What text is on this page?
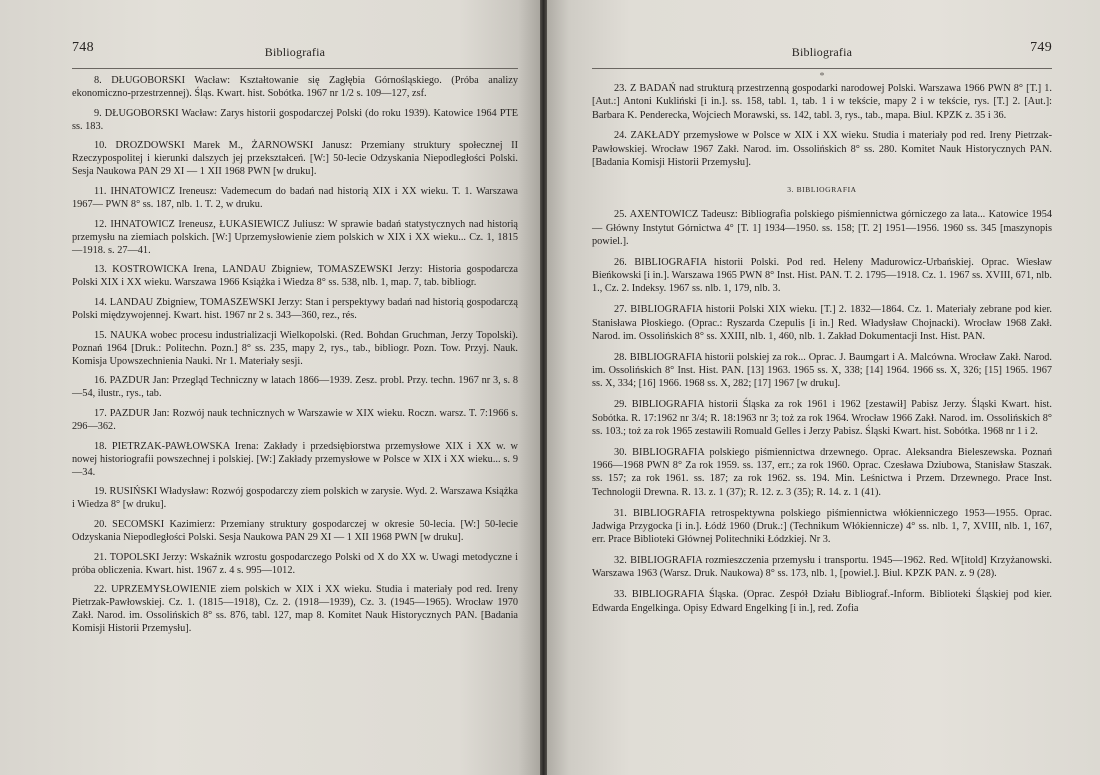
748	Bibliografia

8. DŁUGOBORSKI Wacław: Kształtowanie się Zagłębia Górnośląskiego. (Próba analizy ekonomiczno-przestrzennej). Śląs. Kwart. hist. Sobótka. 1967 nr 1/2 s. 109—127, zsf.

9. DŁUGOBORSKI Wacław: Zarys historii gospodarczej Polski (do roku 1939). Katowice 1964 PTE ss. 183.

10. DROZDOWSKI Marek M., ŻARNOWSKI Janusz: Przemiany struktury społecznej II Rzeczypospolitej i kierunki dalszych jej przekształceń. [W:] 50-lecie Odzyskania Niepodległości Polski. Sesja Naukowa PAN 29 XI — 1 XII 1968 PWN [w druku].

11. IHNATOWICZ Ireneusz: Vademecum do badań nad historią XIX i XX wieku. T. 1. Warszawa 1967— PWN 8° ss. 187, nlb. 1. T. 2, w druku.

12. IHNATOWICZ Ireneusz, ŁUKASIEWICZ Juliusz: W sprawie badań statystycznych nad historią przemysłu na ziemiach polskich. [W:] Uprzemysłowienie ziem polskich w XIX i XX wieku... Cz. 1, 1815—1918. s. 27—41.

13. KOSTROWICKA Irena, LANDAU Zbigniew, TOMASZEWSKI Jerzy: Historia gospodarcza Polski XIX i XX wieku. Warszawa 1966 Książka i Wiedza 8° ss. 538, nlb. 1, map. 7, tab. bibliogr.

14. LANDAU Zbigniew, TOMASZEWSKI Jerzy: Stan i perspektywy badań nad historią gospodarczą Polski międzywojennej. Kwart. hist. 1967 nr 2 s. 343—360, rez., rés.

15. NAUKA wobec procesu industrializacji Wielkopolski. (Red. Bohdan Gruchman, Jerzy Topolski). Poznań 1964 [Druk.: Politechn. Pozn.] 8° ss. 235, mapy 2, rys., tab., bibliogr. Pozn. Tow. Przyj. Nauk. Komisja Upowszechnienia Nauki. Nr 1. Materiały sesji.

16. PAZDUR Jan: Przegląd Techniczny w latach 1866—1939. Zesz. probl. Przy. techn. 1967 nr 3, s. 8—54, ilustr., rys., tab.

17. PAZDUR Jan: Rozwój nauk technicznych w Warszawie w XIX wieku. Roczn. warsz. T. 7:1966 s. 296—362.

18. PIETRZAK-PAWŁOWSKA Irena: Zakłady i przedsiębiorstwa przemysłowe XIX i XX w. w nowej historiografii powszechnej i polskiej. [W:] Zakłady przemysłowe w Polsce w XIX i XX wieku... s. 9—34.

19. RUSIŃSKI Władysław: Rozwój gospodarczy ziem polskich w zarysie. Wyd. 2. Warszawa Książka i Wiedza 8° [w druku].

20. SECOMSKI Kazimierz: Przemiany struktury gospodarczej w okresie 50-lecia. [W:] 50-lecie Odzyskania Niepodległości Polski. Sesja Naukowa PAN 29 XI — 1 XII 1968 PWN [w druku].

21. TOPOLSKI Jerzy: Wskaźnik wzrostu gospodarczego Polski od X do XX w. Uwagi metodyczne i próba obliczenia. Kwart. hist. 1967 z. 4 s. 995—1012.

22. UPRZEMYSŁOWIENIE ziem polskich w XIX i XX wieku. Studia i materiały pod red. Ireny Pietrzak-Pawłowskiej. Cz. 1. (1815—1918), Cz. 2. (1918—1939), Cz. 3. (1945—1965). Wrocław 1970 Zakł. Narod. im. Ossolińskich 8° ss. 876, tabl. 127, map 8. Komitet Nauk Historycznych PAN. [Badania Komisji Historii Przemysłu].

Bibliografia	749
*

23. Z BADAŃ nad strukturą przestrzenną gospodarki narodowej Polski. Warszawa 1966 PWN 8° [T.] 1. [Aut.:] Antoni Kukliński [i in.]. ss. 158, tabl. 1, tab. 1 i w tekście, mapy 2 i w tekście, rys. [T.] 2. [Aut.]: Barbara K. Penderecka, Wojciech Morawski, ss. 142, tabl. 3, rys., tab., mapa. Biul. KPZK z. 35 i 36.

24. ZAKŁADY przemysłowe w Polsce w XIX i XX wieku. Studia i materiały pod red. Ireny Pietrzak-Pawłowskiej. Wrocław 1967 Zakł. Narod. im. Ossolińskich 8° ss. 280. Komitet Nauk Historycznych PAN. [Badania Komisji Historii Przemysłu].

3. BIBLIOGRAFIA

25. AXENTOWICZ Tadeusz: Bibliografia polskiego piśmiennictwa górniczego za lata... Katowice 1954— Główny Instytut Górnictwa 4° [T. 1] 1934—1950. ss. 158; [T. 2] 1951—1956. 1960 ss. 345 [maszynopis powiel.].

26. BIBLIOGRAFIA historii Polski. Pod red. Heleny Madurowicz-Urbańskiej. Oprac. Wiesław Bieńkowski [i in.]. Warszawa 1965 PWN 8° Inst. Hist. PAN. T. 2. 1795—1918. Cz. 1. 1967 ss. XVIII, 671, nlb. 1., Cz. 2. Indeksy. 1967 ss. nlb. 1, 179, nlb. 3.

27. BIBLIOGRAFIA historii Polski XIX wieku. [T.] 2. 1832—1864. Cz. 1. Materiały zebrane pod kier. Stanisława Płoskiego. (Oprac.: Ryszarda Czepulis [i in.] Red. Władysław Chojnacki). Wrocław 1968 Zakł. Narod. im. Ossolińskich 8° ss. XXIII, nlb. 1, 460, nlb. 1. Zakład Dokumentacji Inst. Hist. PAN.

28. BIBLIOGRAFIA historii polskiej za rok... Oprac. J. Baumgart i A. Malcówna. Wrocław Zakł. Narod. im. Ossolińskich 8° Inst. Hist. PAN. [13] 1963. 1965 ss. X, 338; [14] 1964. 1966 ss. X, 326; [15] 1965. 1967 ss. X, 334; [16] 1966. 1968 ss. X, 282; [17] 1967 [w druku].

29. BIBLIOGRAFIA historii Śląska za rok 1961 i 1962 [zestawił] Pabisz Jerzy. Śląski Kwart. hist. Sobótka. R. 17:1962 nr 3/4; R. 18:1963 nr 3; toż za rok 1964. Wrocław 1966 Zakł. Narod. im. Ossolińskich 8° ss. 103.; toż za rok 1965 zestawili Romuald Gelles i Jerzy Pabisz. Śląski Kwart. hist. Sobótka. 1968 nr 1 i 2.

30. BIBLIOGRAFIA polskiego piśmiennictwa drzewnego. Oprac. Aleksandra Bieleszewska. Poznań 1966—1968 PWN 8° Za rok 1959. ss. 137, err.; za rok 1960. Oprac. Czesława Dziubowa, Stanisław Staszak. ss. 157; za rok 1961. ss. 187; za rok 1962. ss. 194. Min. Leśnictwa i Przem. Drzewnego. Prace Inst. Technologii Drewna. R. 13. z. 1 (37); R. 12. z. 3 (35); R. 14. z. 1 (41).

31. BIBLIOGRAFIA retrospektywna polskiego piśmiennictwa włókienniczego 1953—1955. Oprac. Jadwiga Przygocka [i in.]. Łódź 1960 (Druk.:] (Technikum Włókiennicze) 4° ss. nlb. 1, 7, XVIII, nlb. 1, 167, err. Prace Biblioteki Głównej Politechniki Łódzkiej. Nr 3.

32. BIBLIOGRAFIA rozmieszczenia przemysłu i transportu. 1945—1962. Red. W[itold] Krzyżanowski. Warszawa 1963 (Warsz. Druk. Naukowa) 8° ss. 173, nlb. 1, [powiel.]. Biul. KPZK PAN. z. 9 (28).

33. BIBLIOGRAFIA Śląska. (Oprac. Zespół Działu Bibliograf.-Inform. Biblioteki Śląskiej pod kier. Edwarda Engelkinga. Opisy Edward Engelking [i in.], red. Zofia
